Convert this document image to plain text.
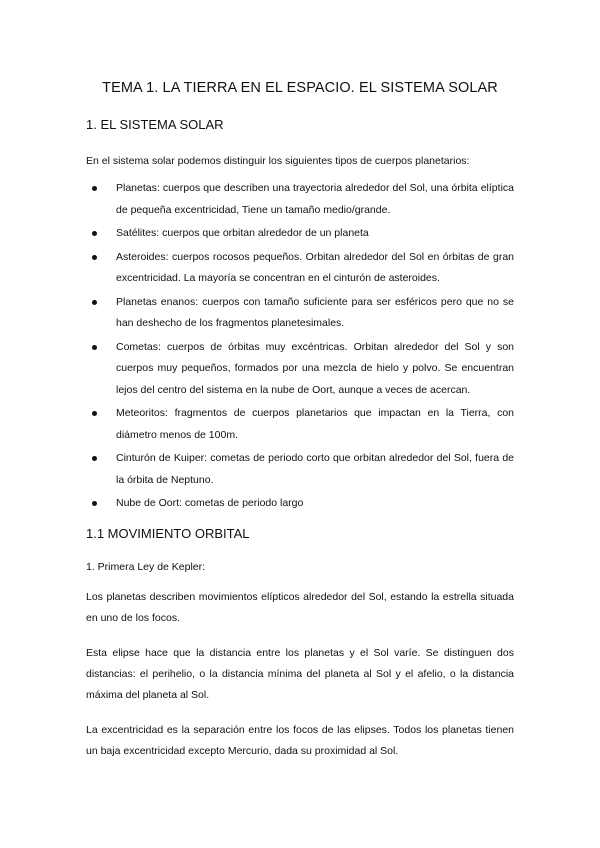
TEMA 1. LA TIERRA EN EL ESPACIO. EL SISTEMA SOLAR
1. EL SISTEMA SOLAR

En el sistema solar podemos distinguir los siguientes tipos de cuerpos planetarios:

Planetas: cuerpos que describen una trayectoria alrededor del Sol, una órbita elíptica de pequeña excentricidad, Tiene un tamaño medio/grande.
Satélites: cuerpos que orbitan alrededor de un planeta
Asteroides: cuerpos rocosos pequeños. Orbitan alrededor del Sol en órbitas de gran excentricidad. La mayoría se concentran en el cinturón de asteroides.
Planetas enanos: cuerpos con tamaño suficiente para ser esféricos pero que no se han deshecho de los fragmentos planetesimales.
Cometas: cuerpos de órbitas muy excéntricas. Orbitan alrededor del Sol y son cuerpos muy pequeños, formados por una mezcla de hielo y polvo. Se encuentran lejos del centro del sistema en la nube de Oort, aunque a veces de acercan.
Meteoritos: fragmentos de cuerpos planetarios que impactan en la Tierra, con diámetro menos de 100m.
Cinturón de Kuiper: cometas de periodo corto que orbitan alrededor del Sol, fuera de la órbita de Neptuno.
Nube de Oort: cometas de periodo largo
1.1 MOVIMIENTO ORBITAL

1. Primera Ley de Kepler:

Los planetas describen movimientos elípticos alrededor del Sol, estando la estrella situada en uno de los focos.

Esta elipse hace que la distancia entre los planetas y el Sol varíe. Se distinguen dos distancias: el perihelio, o la distancia mínima del planeta al Sol y el afelio, o la distancia máxima del planeta al Sol.

La excentricidad es la separación entre los focos de las elipses. Todos los planetas tienen un baja excentricidad excepto Mercurio, dada su proximidad al Sol.
